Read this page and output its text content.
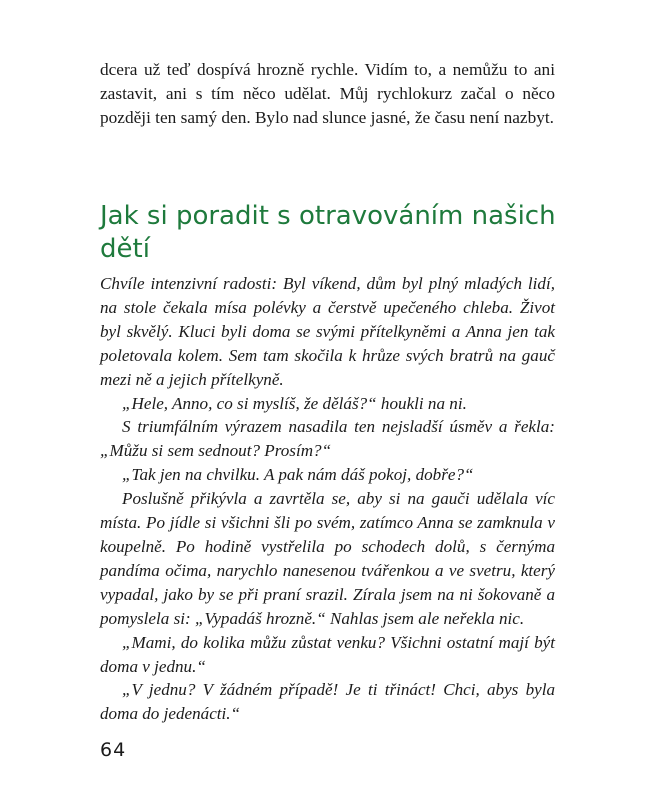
dcera už teď dospívá hrozně rychle. Vidím to, a nemůžu to ani zastavit, ani s tím něco udělat. Můj rychlokurz začal o něco později ten samý den. Bylo nad slunce jasné, že času není nazbyt.

Jak si poradit s otravováním našich dětí

Chvíle intenzivní radosti: Byl víkend, dům byl plný mladých lidí, na stole čekala mísa polévky a čerstvě upečeného chleba. Život byl skvělý. Kluci byli doma se svými přítelkyněmi a Anna jen tak poletovala kolem. Sem tam skočila k hrůze svých bratrů na gauč mezi ně a jejich přítelkyně.

„Hele, Anno, co si myslíš, že děláš?“ houkli na ni.

S triumfálním výrazem nasadila ten nejsladší úsměv a řekla: „Můžu si sem sednout? Prosím?“

„Tak jen na chvilku. A pak nám dáš pokoj, dobře?“

Poslušně přikývla a zavrtěla se, aby si na gauči udělala víc místa. Po jídle si všichni šli po svém, zatímco Anna se zamknula v koupelně. Po hodině vystřelila po schodech dolů, s černýma pandíma očima, narychlo nanesenou tvářenkou a ve svetru, který vypadal, jako by se při praní srazil. Zírala jsem na ni šokovaně a pomyslela si: „Vypadáš hrozně.“ Nahlas jsem ale neřekla nic.

„Mami, do kolika můžu zůstat venku? Všichni ostatní mají být doma v jednu.“

„V jednu? V žádném případě! Je ti třináct! Chci, abys byla doma do jedenácti.“

64
